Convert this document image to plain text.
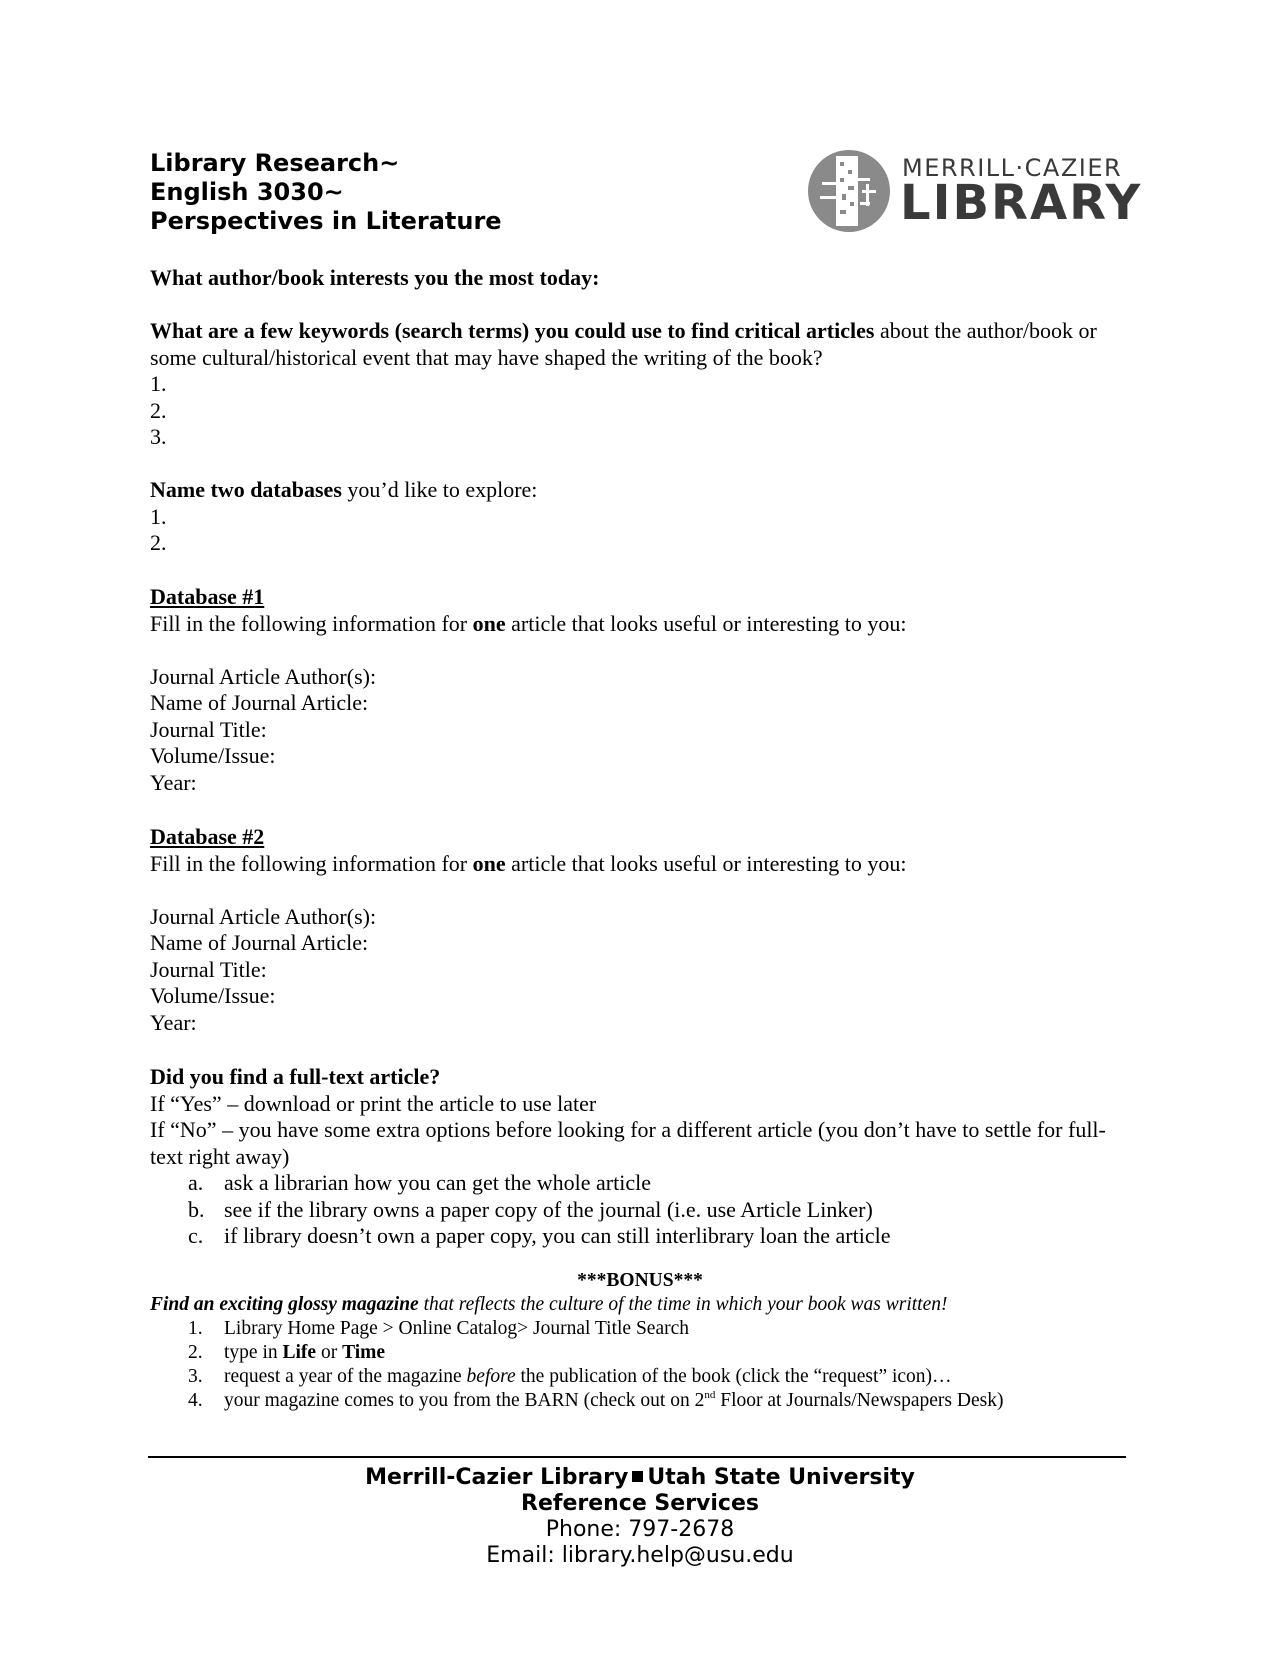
Library Research~
English 3030~
Perspectives in Literature
MERRILL·CAZIER
LIBRARY

What author/book interests you the most today:

What are a few keywords (search terms) you could use to find critical articles about the author/book or some cultural/historical event that may have shaped the writing of the book?

1.

2.

3.

Name two databases you’d like to explore:

1.

2.

Database #1

Fill in the following information for one article that looks useful or interesting to you:

Journal Article Author(s):

Name of Journal Article:

Journal Title:

Volume/Issue:

Year:

Database #2

Fill in the following information for one article that looks useful or interesting to you:

Journal Article Author(s):

Name of Journal Article:

Journal Title:

Volume/Issue:

Year:

Did you find a full-text article?

If “Yes” – download or print the article to use later

If “No” – you have some extra options before looking for a different article (you don’t have to settle for full-text right away)

a. ask a librarian how you can get the whole article
b. see if the library owns a paper copy of the journal (i.e. use Article Linker)
c. if library doesn’t own a paper copy, you can still interlibrary loan the article

***BONUS***

Find an exciting glossy magazine that reflects the culture of the time in which your book was written!

1. Library Home Page > Online Catalog> Journal Title Search
2. type in Life or Time
3. request a year of the magazine before the publication of the book (click the “request” icon)…
4. your magazine comes to you from the BARN (check out on 2nd Floor at Journals/Newspapers Desk)
Merrill-Cazier Library Utah State University
Reference Services
Phone: 797-2678
Email: library.help@usu.edu
